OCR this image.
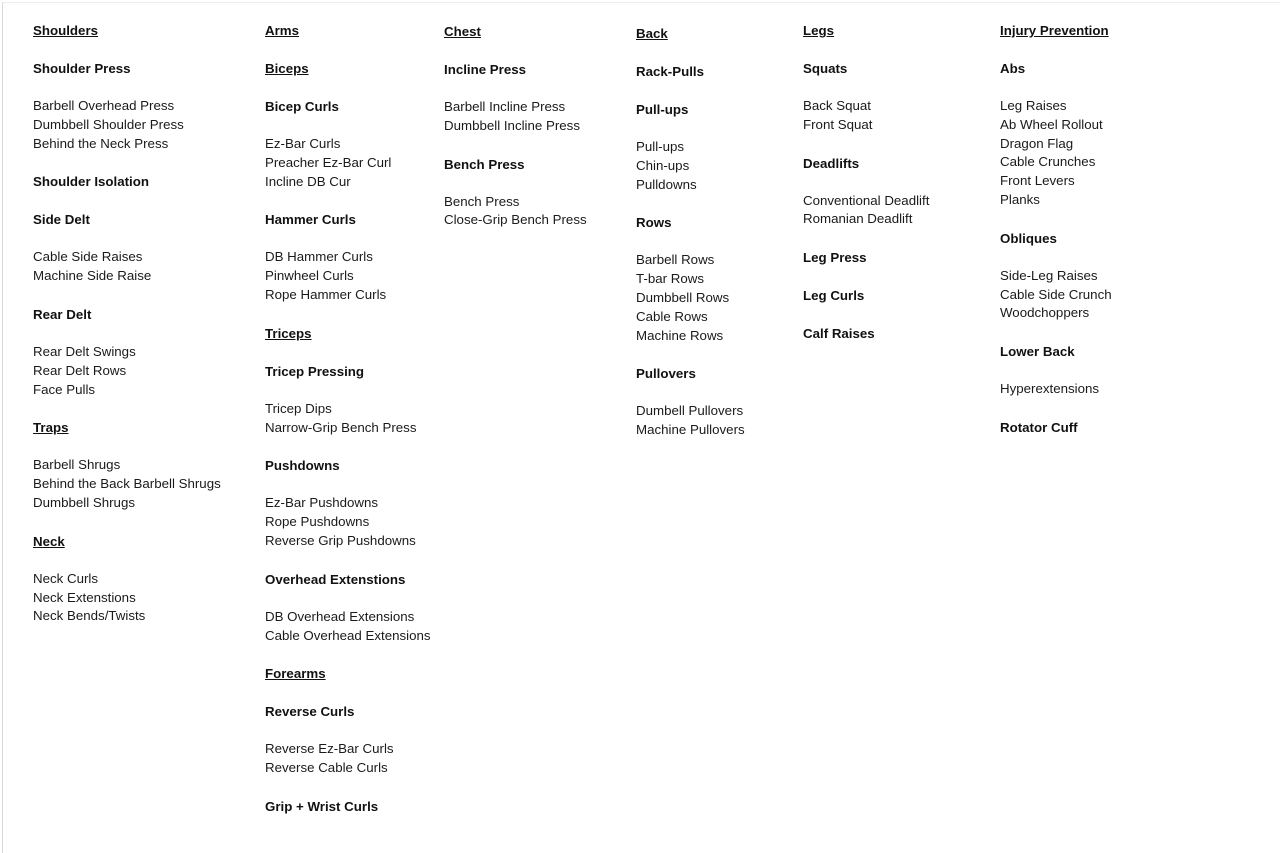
Shoulders
Shoulder Press
Barbell Overhead Press
Dumbbell Shoulder Press
Behind the Neck Press
Shoulder Isolation
Side Delt
Cable Side Raises
Machine Side Raise
Rear Delt
Rear Delt Swings
Rear Delt Rows
Face Pulls
Traps
Barbell Shrugs
Behind the Back Barbell Shrugs
Dumbbell Shrugs
Neck
Neck Curls
Neck Extenstions
Neck Bends/Twists
Arms
Biceps
Bicep Curls
Ez-Bar Curls
Preacher Ez-Bar Curl
Incline DB Cur
Hammer Curls
DB Hammer Curls
Pinwheel Curls
Rope Hammer Curls
Triceps
Tricep Pressing
Tricep Dips
Narrow-Grip Bench Press
Pushdowns
Ez-Bar Pushdowns
Rope Pushdowns
Reverse Grip Pushdowns
Overhead Extenstions
DB Overhead Extensions
Cable Overhead Extensions
Forearms
Reverse Curls
Reverse Ez-Bar Curls
Reverse Cable Curls
Grip + Wrist Curls
Chest
Incline Press
Barbell Incline Press
Dumbbell Incline Press
Bench Press
Bench Press
Close-Grip Bench Press
Back
Rack-Pulls
Pull-ups
Pull-ups
Chin-ups
Pulldowns
Rows
Barbell Rows
T-bar Rows
Dumbbell Rows
Cable Rows
Machine Rows
Pullovers
Dumbell Pullovers
Machine Pullovers
Legs
Squats
Back Squat
Front Squat
Deadlifts
Conventional Deadlift
Romanian Deadlift
Leg Press
Leg Curls
Calf Raises
Injury Prevention
Abs
Leg Raises
Ab Wheel Rollout
Dragon Flag
Cable Crunches
Front Levers
Planks
Obliques
Side-Leg Raises
Cable Side Crunch
Woodchoppers
Lower Back
Hyperextensions
Rotator Cuff
